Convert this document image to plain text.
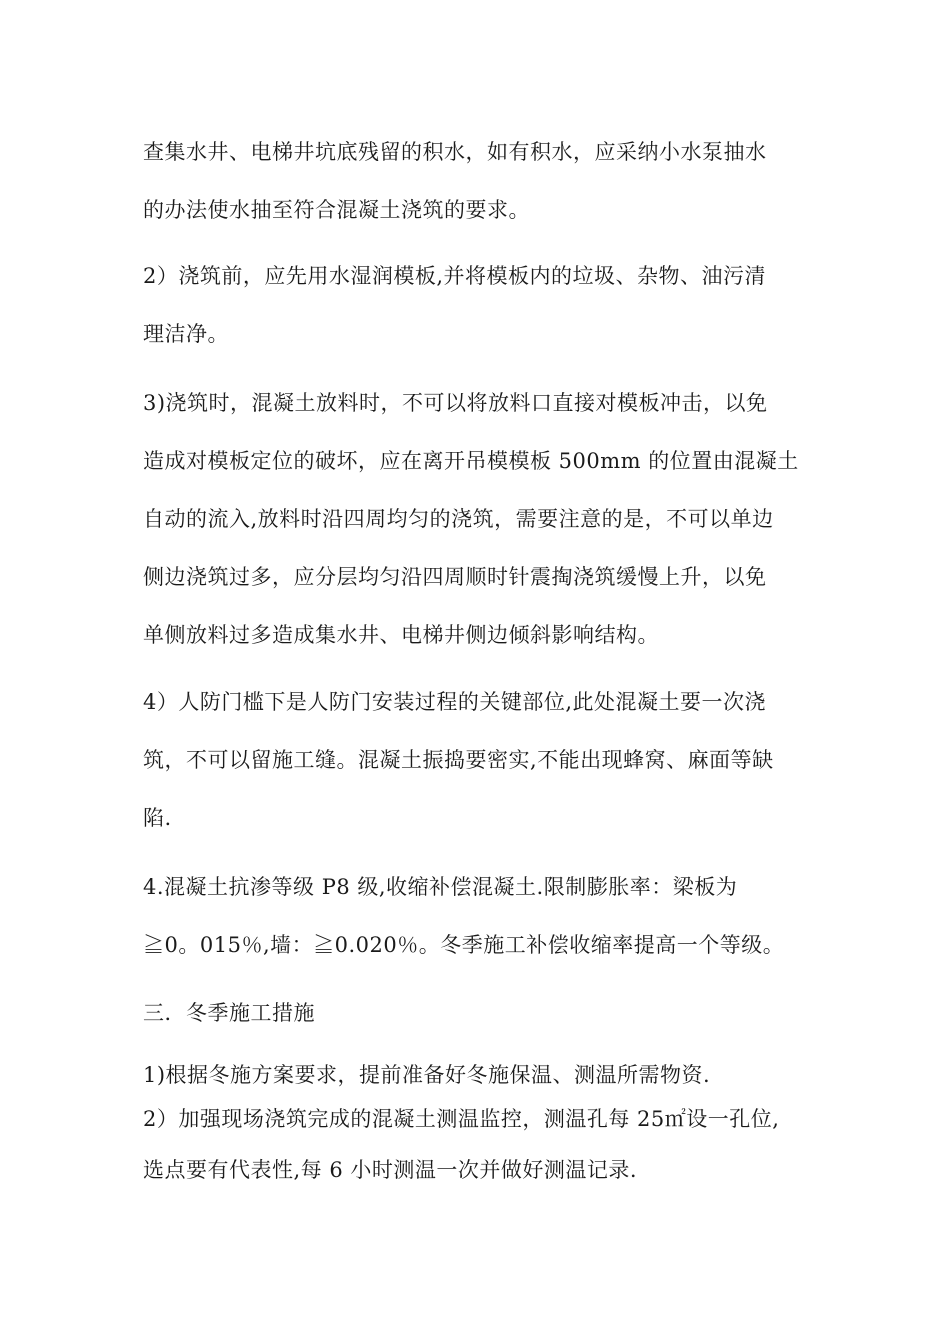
查集水井、电梯井坑底残留的积水，如有积水，应采纳小水泵抽水
的办法使水抽至符合混凝土浇筑的要求。
2）浇筑前，应先用水湿润模板,并将模板内的垃圾、杂物、油污清
理洁净。
3)浇筑时，混凝土放料时，不可以将放料口直接对模板冲击，以免
造成对模板定位的破坏，应在离开吊模模板 500mm 的位置由混凝土
自动的流入,放料时沿四周均匀的浇筑，需要注意的是，不可以单边
侧边浇筑过多，应分层均匀沿四周顺时针震掏浇筑缓慢上升，以免
单侧放料过多造成集水井、电梯井侧边倾斜影响结构。
4）人防门槛下是人防门安装过程的关键部位,此处混凝土要一次浇
筑，不可以留施工缝。混凝土振捣要密实,不能出现蜂窝、麻面等缺
陷.
4.混凝土抗渗等级 P8 级,收缩补偿混凝土.限制膨胀率：梁板为
≧0。015％,墙：≧0.020％。冬季施工补偿收缩率提高一个等级。
三．冬季施工措施
1)根据冬施方案要求，提前准备好冬施保温、测温所需物资.
2）加强现场浇筑完成的混凝土测温监控，测温孔每 25㎡设一孔位,
选点要有代表性,每 6 小时测温一次并做好测温记录.
